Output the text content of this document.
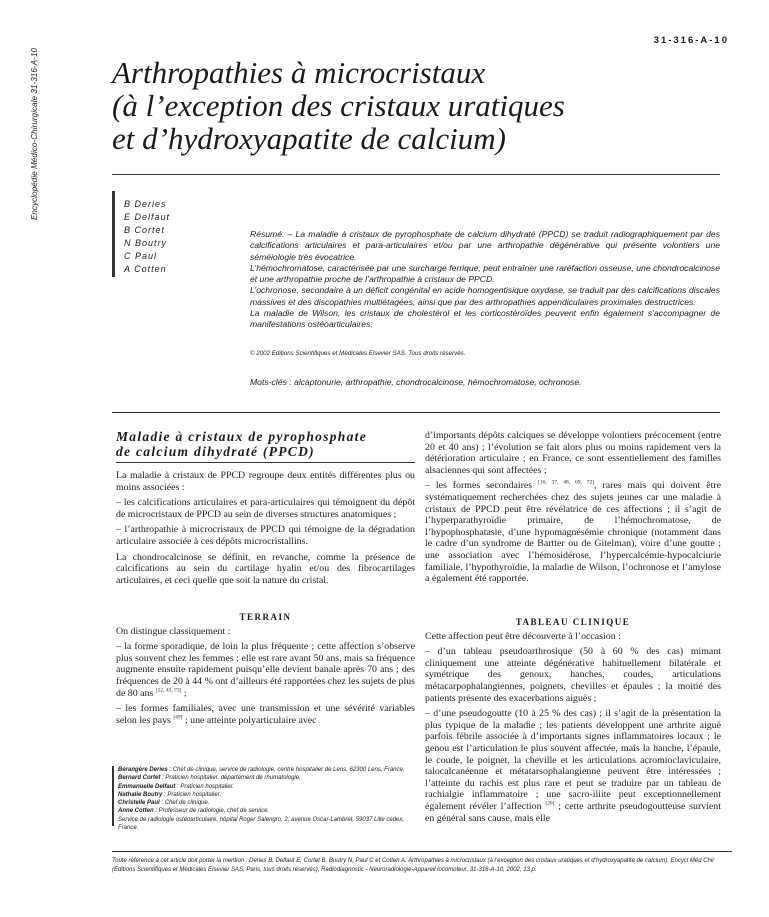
Encyclopédie Médico-Chirurgicale 31-316-A-10
31-316-A-10
Arthropathies à microcristaux
(à l’exception des cristaux uratiques
et d’hydroxyapatite de calcium)
B Deries
E Delfaut
B Cortet
N Boutry
C Paul
A Cotten

Résumé. – La maladie à cristaux de pyrophosphate de calcium dihydraté (PPCD) se traduit radiographiquement par des calcifications articulaires et para-articulaires et/ou par une arthropathie dégénérative qui présente volontiers une séméiologie très évocatrice.

L’hémochromatose, caractérisée par une surcharge ferrique, peut entraîner une raréfaction osseuse, une chondrocalcinose et une arthropathie proche de l’arthropathie à cristaux de PPCD.

L’ochronose, secondaire à un déficit congénital en acide homogentisique oxydase, se traduit par des calcifications discales massives et des discopathies multiétagées, ainsi que par des arthropathies appendiculaires proximales destructrices.

La maladie de Wilson, les cristaux de cholestérol et les corticostéroïdes peuvent enfin également s’accompagner de manifestations ostéoarticulaires.

© 2002 Editions Scientifiques et Médicales Elsevier SAS. Tous droits réservés.
Mots-clés : alcaptonurie, arthropathie, chondrocalcinose, hémochromatose, ochronose.
Maladie à cristaux de pyrophosphate
de calcium dihydraté (PPCD)

La maladie à cristaux de PPCD regroupe deux entités différentes plus ou moins associées :

– les calcifications articulaires et para-articulaires qui témoignent du dépôt de microcristaux de PPCD au sein de diverses structures anatomiques ;

– l’arthropathie à microcristaux de PPCD qui témoigne de la dégradation articulaire associée à ces dépôts microcristallins.

La chondrocalcinose se définit, en revanche, comme la présence de calcifications au sein du cartilage hyalin et/ou des fibrocartilages articulaires, et ceci quelle que soit la nature du cristal.

TERRAIN

On distingue classiquement :

– la forme sporadique, de loin la plus fréquente ; cette affection s’observe plus souvent chez les femmes ; elle est rare avant 50 ans, mais sa fréquence augmente ensuite rapidement puisqu’elle devient banale après 70 ans ; des fréquences de 20 à 44 % ont d’ailleurs été rapportées chez les sujets de plus de 80 ans [12, 43, 73] ;

– les formes familiales, avec une transmission et une sévérité variables selon les pays [49] ; une atteinte polyarticulaire avec

d’importants dépôts calciques se développe volontiers précocement (entre 20 et 40 ans) ; l’évolution se fait alors plus ou moins rapidement vers la détérioration articulaire ; en France, ce sont essentiellement des familles alsaciennes qui sont affectées ;

– les formes secondaires [16, 37, 48, 69, 72], rares mais qui doivent être systématiquement recherchées chez des sujets jeunes car une maladie à cristaux de PPCD peut être révélatrice de ces affections ; il s’agit de l’hyperparathyroïdie primaire, de l’hémochromatose, de l’hypophosphatasie, d’une hypomagnésémie chronique (notamment dans le cadre d’un syndrome de Bartter ou de Gitelman), voire d’une goutte ; une association avec l’hémosidérose, l’hypercalcémie-hypocalciurie familiale, l’hypothyroïdie, la maladie de Wilson, l’ochronose et l’amylose a également été rapportée.

TABLEAU CLINIQUE

Cette affection peut être découverte à l’occasion :

– d’un tableau pseudoarthrosique (50 à 60 % des cas) mimant cliniquement une atteinte dégénérative habituellement bilatérale et symétrique des genoux, hanches, coudes, articulations métacarpophalangiennes, poignets, chevilles et épaules ; la moitié des patients présente des exacerbations aiguës ;

– d’une pseudogoutte (10 à 25 % des cas) ; il s’agit de la présentation la plus typique de la maladie ; les patients développent une arthrite aiguë parfois fébrile associée à d’importants signes inflammatoires locaux ; le genou est l’articulation le plus souvent affectée, mais la hanche, l’épaule, le coude, le poignet, la cheville et les articulations acromioclaviculaire, talocalcanéenne et métatarsophalangienne peuvent être intéressées ; l’atteinte du rachis est plus rare et peut se traduire par un tableau de rachialgie inflammatoire ; une sacro-iliite peut exceptionnellement également révéler l’affection [26] ; cette arthrite pseudogoutteuse survient en général sans cause, mais elle

Bérangère Deries : Chef de clinique, service de radiologie, centre hospitalier de Lens, 62300 Lens, France.
Bernard Cortet : Praticien hospitalier, département de rhumatologie.
Emmanuelle Delfaut : Praticien hospitalier.
Nathalie Boutry : Praticien hospitalier.
Christelle Paul : Chef de clinique.
Anne Cotten : Professeur de radiologie, chef de service.
Service de radiologie ostéoarticulaire, hôpital Roger Salengro, 2, avenue Oscar-Lambret, 59037 Lille cedex, France.
Toute référence à cet article doit porter la mention : Deries B, Delfaut E, Cortet B, Boutry N, Paul C et Cotten A. Arthropathies à microcristaux (à l’exception des cristaux uratiques et d’hydroxyapatite de calcium). Encycl Méd Chir (Editions Scientifiques et Médicales Elsevier SAS, Paris, tous droits réservés), Radiodiagnostic - Neuroradiologie-Appareil locomoteur, 31-316-A-10, 2002, 13 p.
